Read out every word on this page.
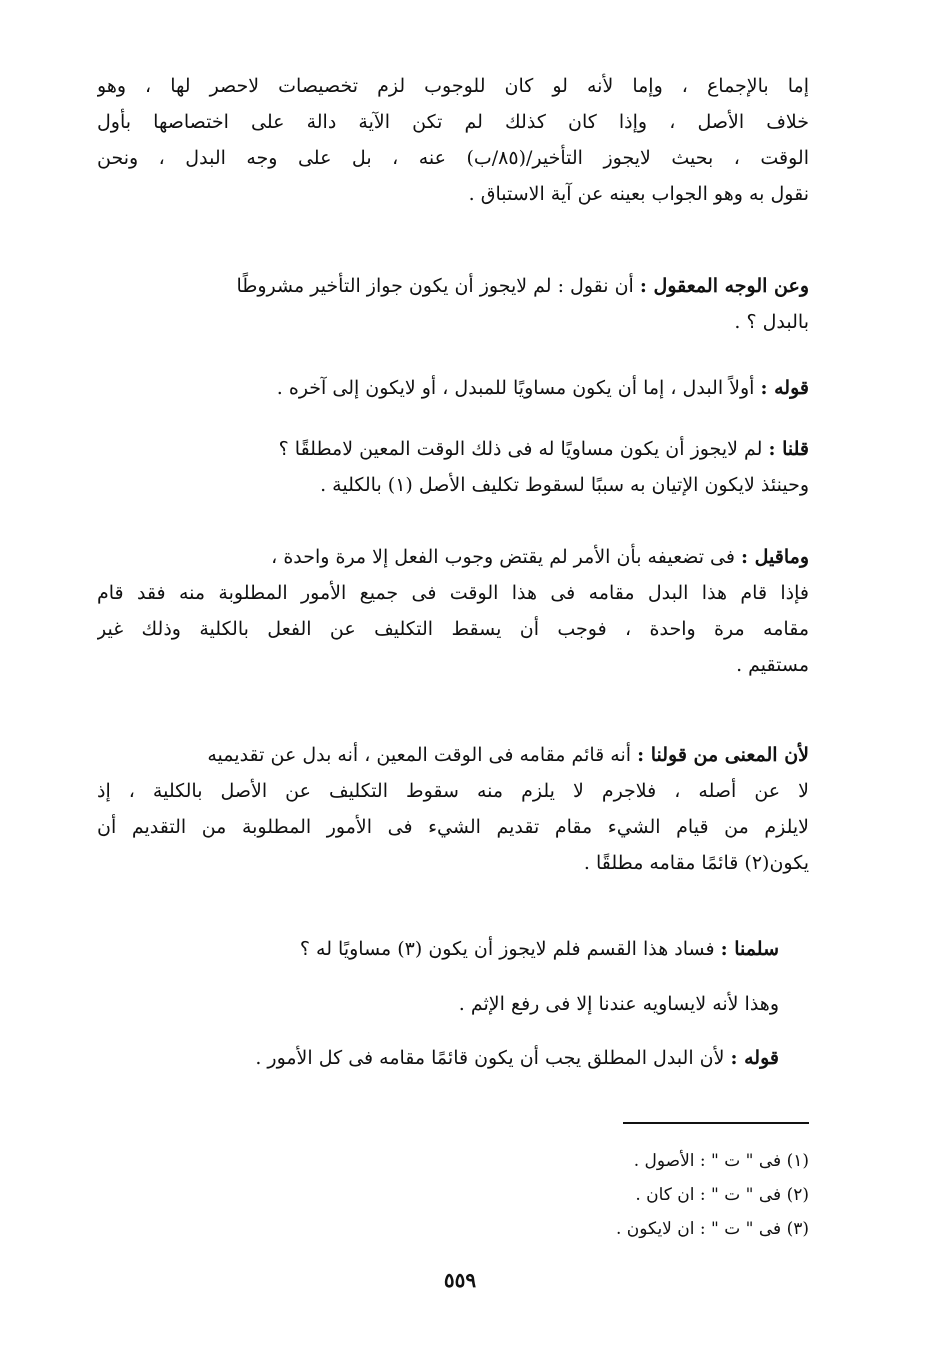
إما بالإجماع ، وإما لأنه لو كان للوجوب لزم تخصيصات لاحصر لها ، وهو
خلاف الأصل ، وإذا كان كذلك لم تكن الآية دالة على اختصاصها بأول
الوقت ، بحيث لايجوز التأخير/(٨٥/ب) عنه ، بل على وجه البدل ، ونحن
نقول به وهو الجواب بعينه عن آية الاستباق .
وعن الوجه المعقول : أن نقول : لم لايجوز أن يكون جواز التأخير مشروطًا
بالبدل ؟ .
قوله : أولاً البدل ، إما أن يكون مساويًا للمبدل ، أو لايكون إلى آخره .
قلنا : لم لايجوز أن يكون مساويًا له فى ذلك الوقت المعين لامطلقًا ؟
وحينئذ لايكون الإتيان به سببًا لسقوط تكليف الأصل (١) بالكلية .
وماقيل : فى تضعيفه بأن الأمر لم يقتض وجوب الفعل إلا مرة واحدة ،
فإذا قام هذا البدل مقامه فى هذا الوقت فى جميع الأمور المطلوبة منه فقد قام
مقامه مرة واحدة ، فوجب أن يسقط التكليف عن الفعل بالكلية وذلك غير
مستقيم .
لأن المعنى من قولنا : أنه قائم مقامه فى الوقت المعين ، أنه بدل عن تقديميه
لا عن أصله ، فلاجرم لا يلزم منه سقوط التكليف عن الأصل بالكلية ، إذ
لايلزم من قيام الشيء مقام تقديم الشيء فى الأمور المطلوبة من التقديم أن
يكون(٢) قائمًا مقامه مطلقًا .
سلمنا : فساد هذا القسم فلم لايجوز أن يكون (٣) مساويًا له ؟
وهذا لأنه لايساويه عندنا إلا فى رفع الإثم .
قوله : لأن البدل المطلق يجب أن يكون قائمًا مقامه فى كل الأمور .
(١) فى " ت " : الأصول .
(٢) فى " ت " : ان كان .
(٣) فى " ت " : ان لايكون .
٥٥٩
